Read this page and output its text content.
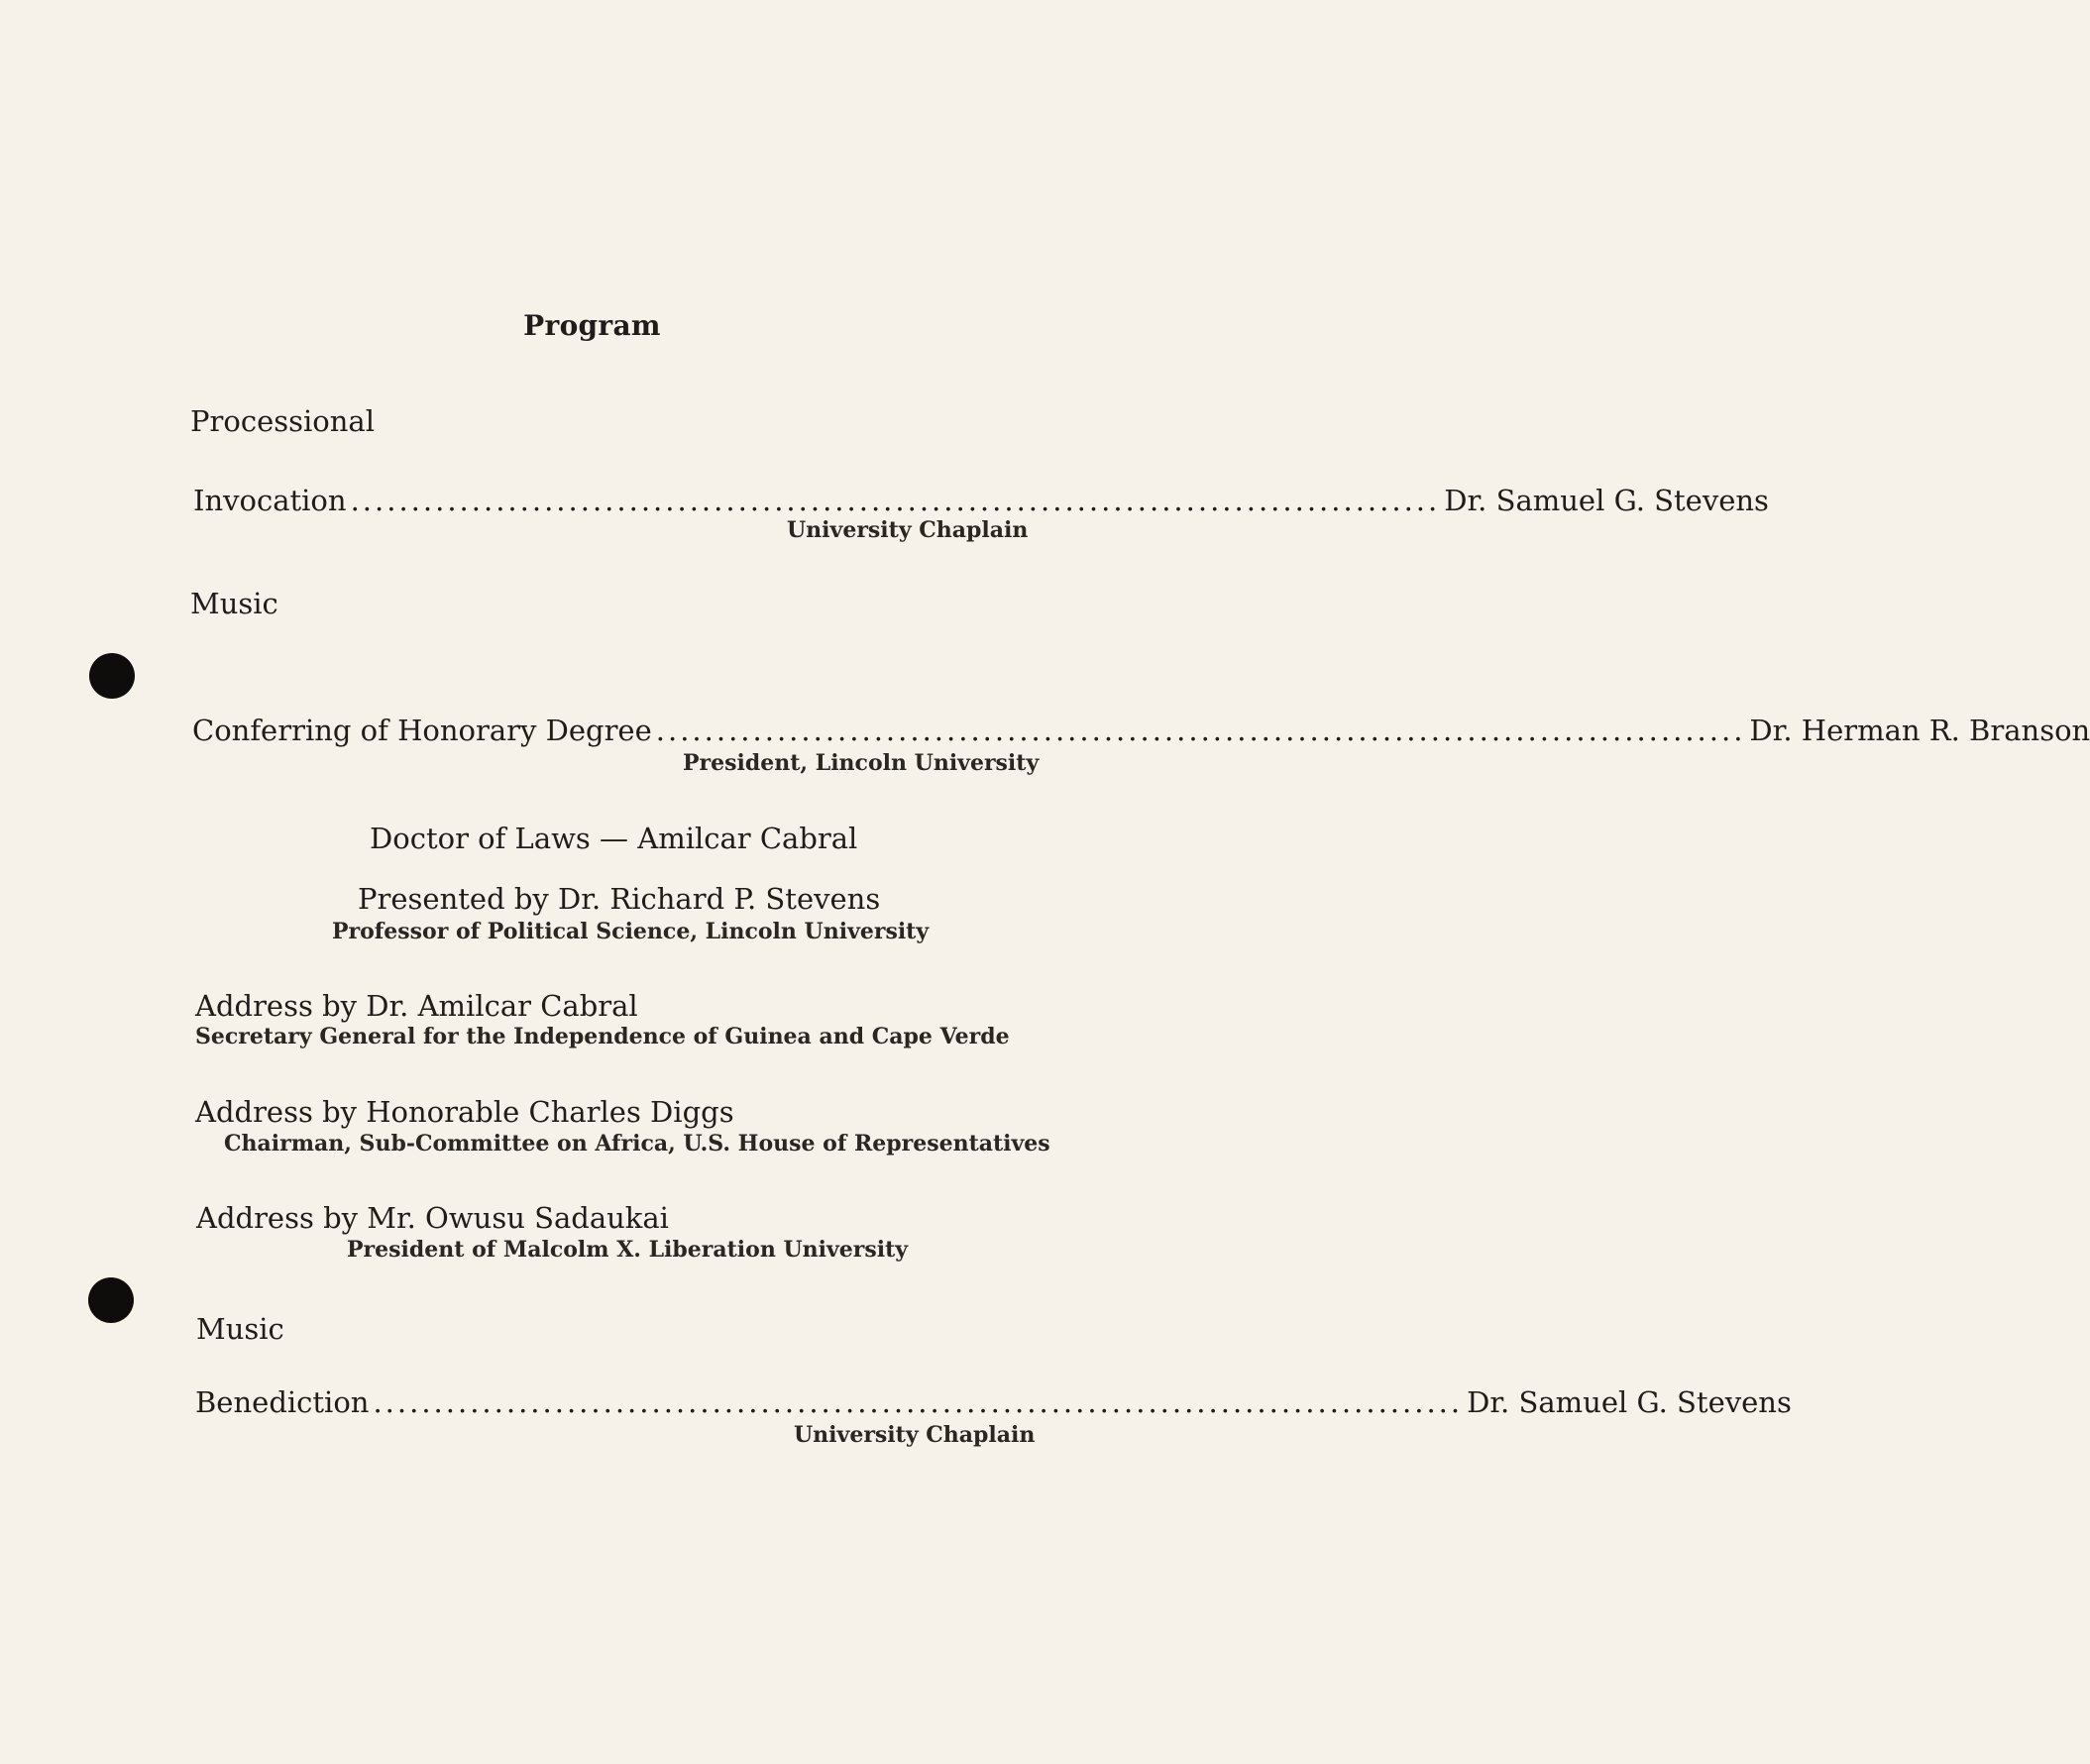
Program
Processional
Invocation .......................................................................................... Dr. Samuel G. Stevens
University Chaplain
Music
Conferring of Honorary Degree .......................................................................................... Dr. Herman R. Branson
President, Lincoln University
Doctor of Laws — Amilcar Cabral
Presented by Dr. Richard P. Stevens
Professor of Political Science, Lincoln University
Address by Dr. Amilcar Cabral
Secretary General for the Independence of Guinea and Cape Verde
Address by Honorable Charles Diggs
Chairman, Sub-Committee on Africa, U.S. House of Representatives
Address by Mr. Owusu Sadaukai
President of Malcolm X. Liberation University
Music
Benediction .......................................................................................... Dr. Samuel G. Stevens
University Chaplain
